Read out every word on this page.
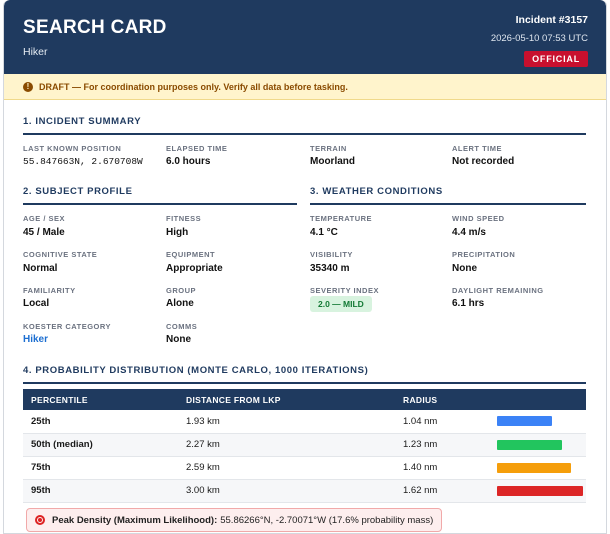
SEARCH CARD
Hiker
Incident #3157
2026-05-10 07:53 UTC
OFFICIAL
!	DRAFT — For coordination purposes only. Verify all data before tasking.
1. INCIDENT SUMMARY
LAST KNOWN POSITION
55.847663N, 2.670708W
ELAPSED TIME
6.0 hours
TERRAIN
Moorland
ALERT TIME
Not recorded
2. SUBJECT PROFILE
AGE / SEX
45 / Male
FITNESS
High
COGNITIVE STATE
Normal
EQUIPMENT
Appropriate
FAMILIARITY
Local
GROUP
Alone
KOESTER CATEGORY
Hiker
COMMS
None
3. WEATHER CONDITIONS
TEMPERATURE
4.1 °C
WIND SPEED
4.4 m/s
VISIBILITY
35340 m
PRECIPITATION
None
SEVERITY INDEX
2.0 — MILD
DAYLIGHT REMAINING
6.1 hrs
4. PROBABILITY DISTRIBUTION (MONTE CARLO, 1000 ITERATIONS)
PERCENTILE	DISTANCE FROM LKP	RADIUS	
25th	1.93 km	1.04 nm	

50th (median)	2.27 km	1.23 nm	

75th	2.59 km	1.40 nm	

95th	3.00 km	1.62 nm	
Peak Density (Maximum Likelihood): 55.86266°N, -2.70071°W (17.6% probability mass)
